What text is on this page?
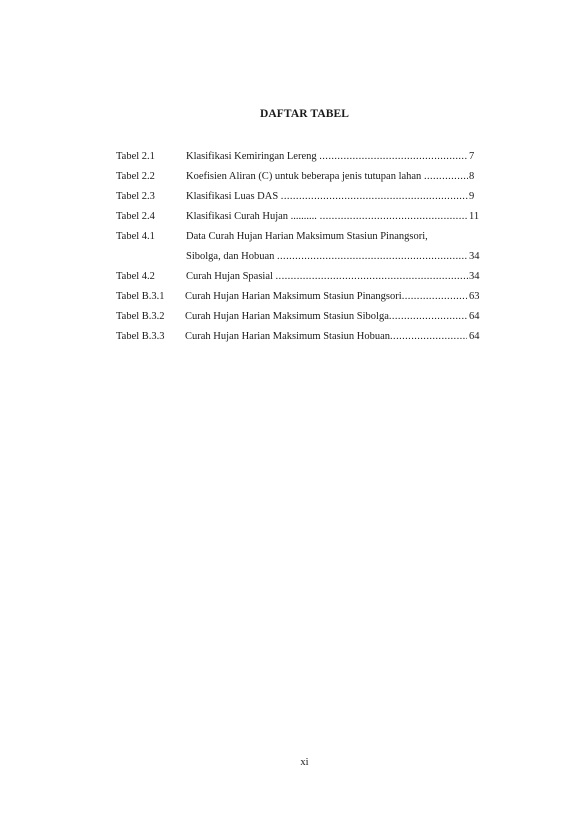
DAFTAR TABEL
Tabel 2.1	Klasifikasi Kemiringan Lereng .....	7
Tabel 2.2	Koefisien Aliran (C) untuk beberapa jenis tutupan lahan .....	8
Tabel 2.3	Klasifikasi Luas DAS .....	9
Tabel 2.4	Klasifikasi Curah Hujan .......... .....	11
Tabel 4.1	Data Curah Hujan Harian Maksimum Stasiun Pinangsori,
Sibolga, dan Hobuan .....	34
Tabel 4.2	Curah Hujan Spasial .....	34
Tabel B.3.1 Curah Hujan Harian Maksimum Stasiun Pinangsori .....	63
Tabel B.3.2 Curah Hujan Harian Maksimum Stasiun Sibolga .....	64
Tabel B.3.3 Curah Hujan Harian Maksimum Stasiun Hobuan .....	64
xi
